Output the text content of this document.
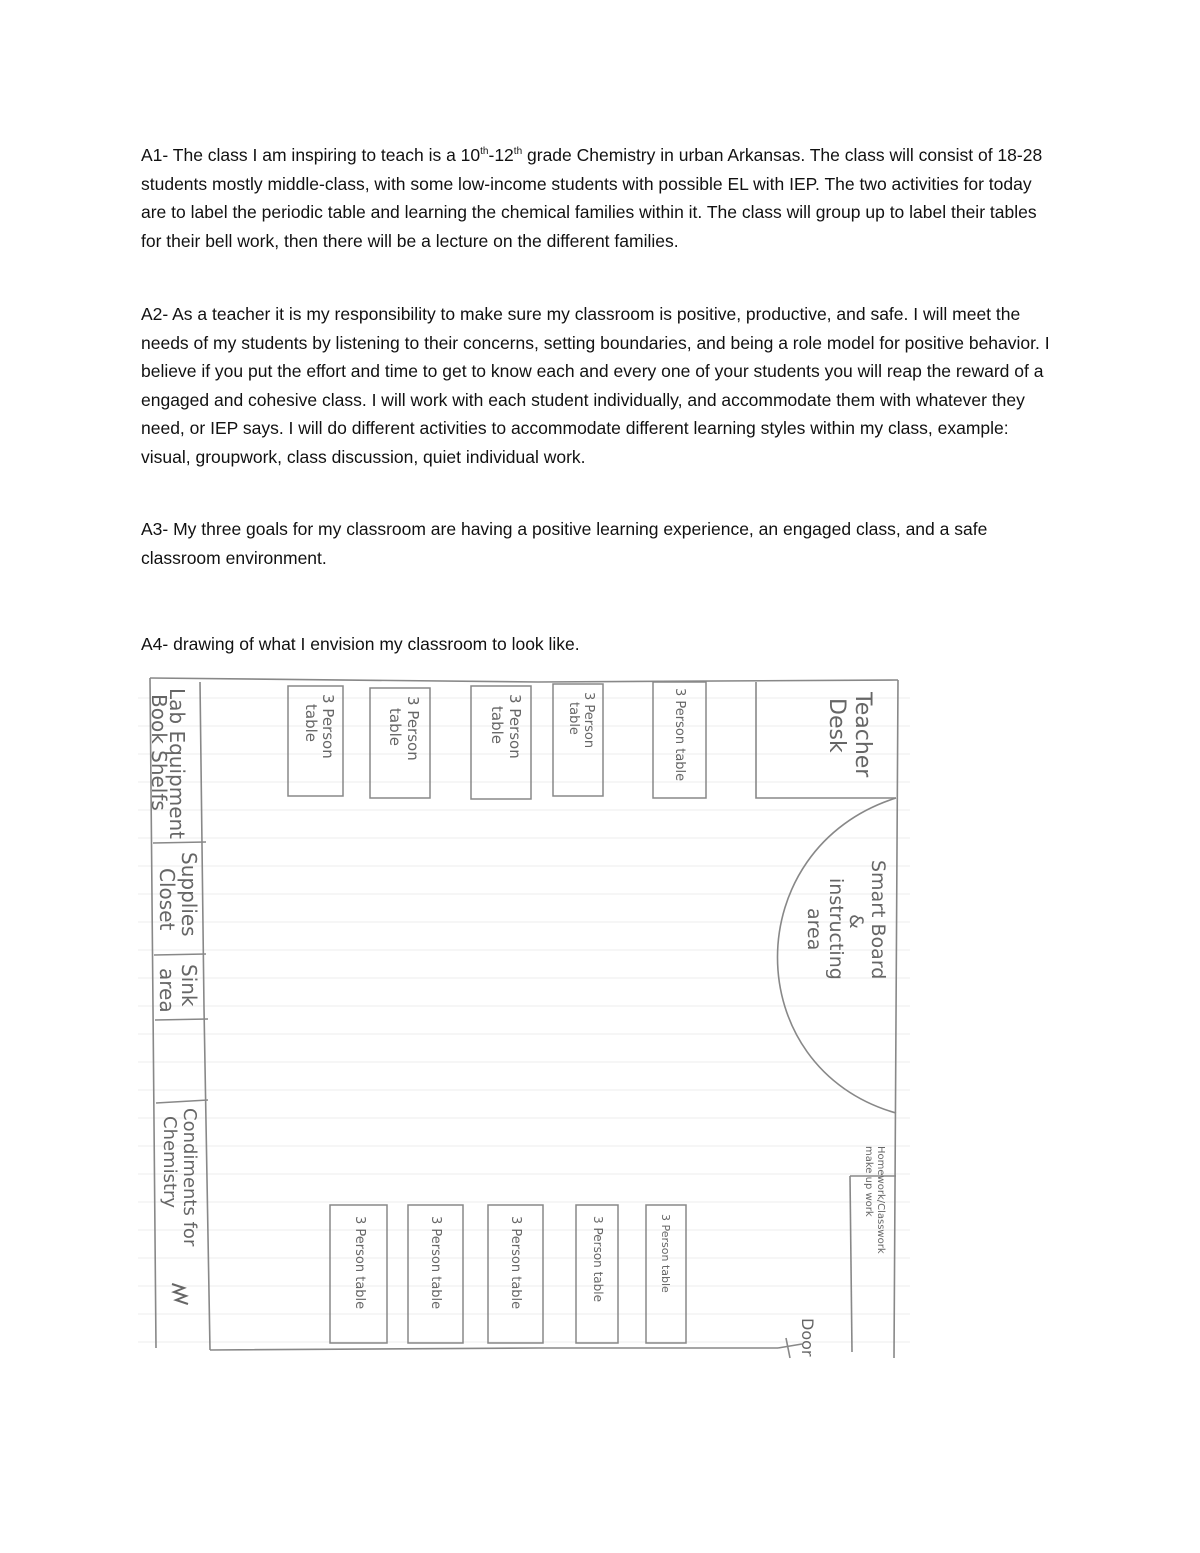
A1- The class I am inspiring to teach is a 10th-12th grade Chemistry in urban Arkansas. The class will consist of 18-28 students mostly middle-class, with some low-income students with possible EL with IEP. The two activities for today are to label the periodic table and learning the chemical families within it. The class will group up to label their tables for their bell work, then there will be a lecture on the different families.

A2- As a teacher it is my responsibility to make sure my classroom is positive, productive, and safe. I will meet the needs of my students by listening to their concerns, setting boundaries, and being a role model for positive behavior. I believe if you put the effort and time to get to know each and every one of your students you will reap the reward of a engaged and cohesive class. I will work with each student individually, and accommodate them with whatever they need, or IEP says. I will do different activities to accommodate different learning styles within my class, example: visual, groupwork, class discussion, quiet individual work.

A3- My three goals for my classroom are having a positive learning experience, an engaged class, and a safe classroom environment.

A4- drawing of what I envision my classroom to look like.

Lab Equipment
Book Shelfs
Supplies
Closet
Sink
area
Condiments for
Chemistry
Teacher
Desk
Smart Board
&
instructing
area
Homework/Classwork
make up work
Door
3 Person
table	3 Person
table	3 Person
table	3 Person
table	3 Person table
3 Person table	3 Person table	3 Person table	3 Person table	3 Person table
